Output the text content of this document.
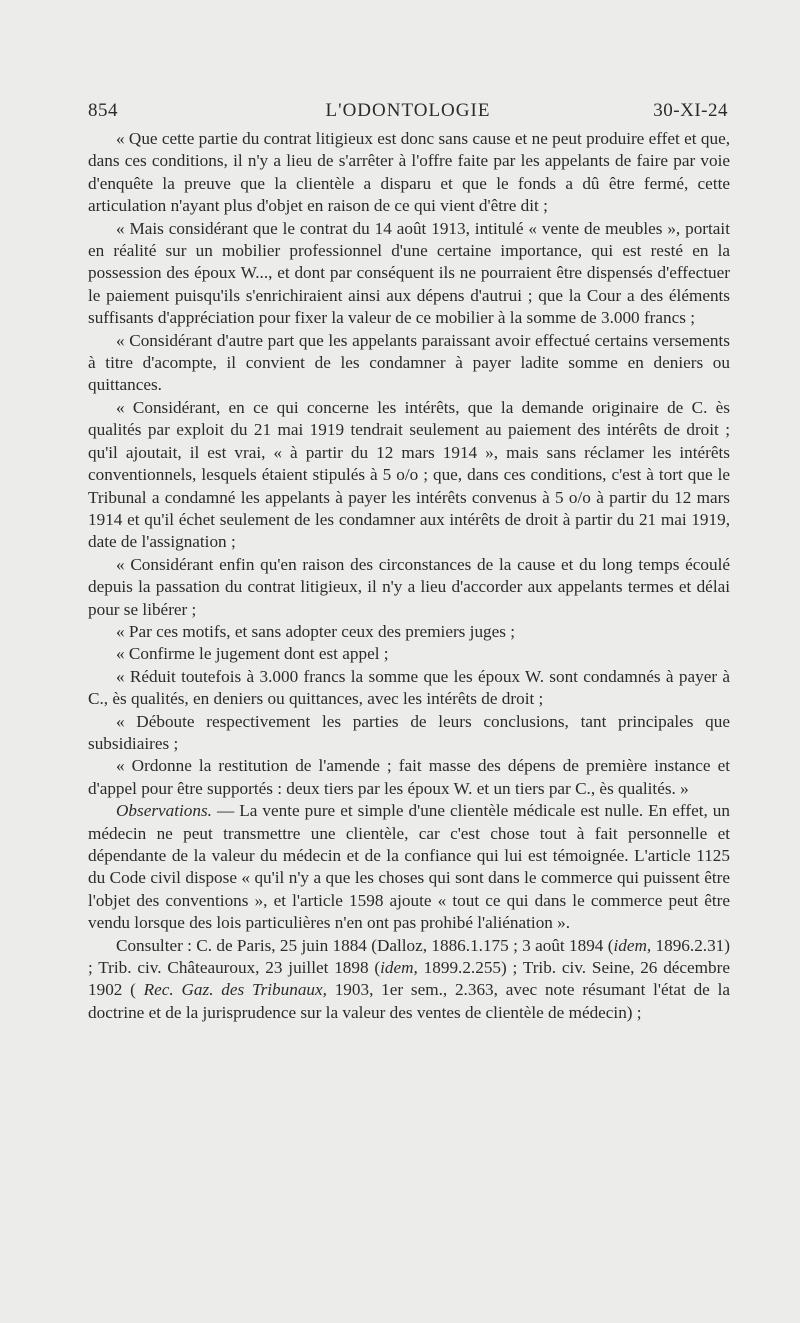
854	L'ODONTOLOGIE	30-XI-24

« Que cette partie du contrat litigieux est donc sans cause et ne peut produire effet et que, dans ces conditions, il n'y a lieu de s'arrêter à l'offre faite par les appelants de faire par voie d'enquête la preuve que la clientèle a disparu et que le fonds a dû être fermé, cette articulation n'ayant plus d'objet en raison de ce qui vient d'être dit ;

« Mais considérant que le contrat du 14 août 1913, intitulé « vente de meubles », portait en réalité sur un mobilier professionnel d'une certaine importance, qui est resté en la possession des époux W..., et dont par conséquent ils ne pourraient être dispensés d'effectuer le paiement puisqu'ils s'enrichiraient ainsi aux dépens d'autrui ; que la Cour a des éléments suffisants d'appréciation pour fixer la valeur de ce mobilier à la somme de 3.000 francs ;

« Considérant d'autre part que les appelants paraissant avoir effectué certains versements à titre d'acompte, il convient de les condamner à payer ladite somme en deniers ou quittances.

« Considérant, en ce qui concerne les intérêts, que la demande originaire de C. ès qualités par exploit du 21 mai 1919 tendrait seulement au paiement des intérêts de droit ; qu'il ajoutait, il est vrai, « à partir du 12 mars 1914 », mais sans réclamer les intérêts conventionnels, lesquels étaient stipulés à 5 o/o ; que, dans ces conditions, c'est à tort que le Tribunal a condamné les appelants à payer les intérêts convenus à 5 o/o à partir du 12 mars 1914 et qu'il échet seulement de les condamner aux intérêts de droit à partir du 21 mai 1919, date de l'assignation ;

« Considérant enfin qu'en raison des circonstances de la cause et du long temps écoulé depuis la passation du contrat litigieux, il n'y a lieu d'accorder aux appelants termes et délai pour se libérer ;

« Par ces motifs, et sans adopter ceux des premiers juges ;

« Confirme le jugement dont est appel ;

« Réduit toutefois à 3.000 francs la somme que les époux W. sont condamnés à payer à C., ès qualités, en deniers ou quittances, avec les intérêts de droit ;

« Déboute respectivement les parties de leurs conclusions, tant principales que subsidiaires ;

« Ordonne la restitution de l'amende ; fait masse des dépens de première instance et d'appel pour être supportés : deux tiers par les époux W. et un tiers par C., ès qualités. »

Observations. — La vente pure et simple d'une clientèle médicale est nulle. En effet, un médecin ne peut transmettre une clientèle, car c'est chose tout à fait personnelle et dépendante de la valeur du médecin et de la confiance qui lui est témoignée. L'article 1125 du Code civil dispose « qu'il n'y a que les choses qui sont dans le commerce qui puissent être l'objet des conventions », et l'article 1598 ajoute « tout ce qui dans le commerce peut être vendu lorsque des lois particulières n'en ont pas prohibé l'aliénation ».

Consulter : C. de Paris, 25 juin 1884 (Dalloz, 1886.1.175 ; 3 août 1894 (idem, 1896.2.31) ; Trib. civ. Châteauroux, 23 juillet 1898 (idem, 1899.2.255) ; Trib. civ. Seine, 26 décembre 1902 ( Rec. Gaz. des Tribunaux, 1903, 1er sem., 2.363, avec note résumant l'état de la doctrine et de la jurisprudence sur la valeur des ventes de clientèle de médecin) ;
